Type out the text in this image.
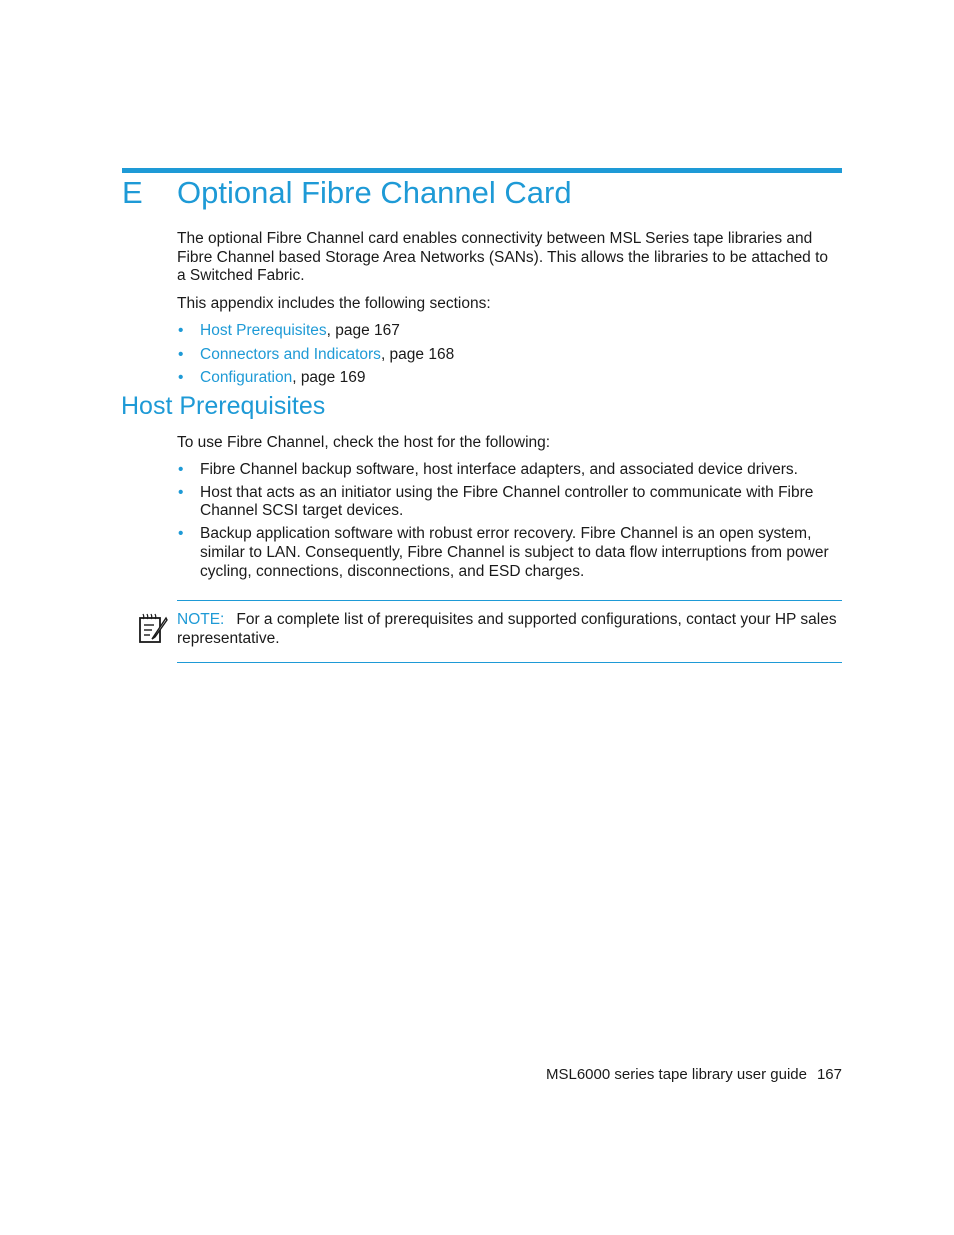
E Optional Fibre Channel Card
The optional Fibre Channel card enables connectivity between MSL Series tape libraries and Fibre Channel based Storage Area Networks (SANs). This allows the libraries to be attached to a Switched Fabric.
This appendix includes the following sections:
• Host Prerequisites, page 167
• Connectors and Indicators, page 168
• Configuration, page 169
Host Prerequisites
To use Fibre Channel, check the host for the following:
• Fibre Channel backup software, host interface adapters, and associated device drivers.
• Host that acts as an initiator using the Fibre Channel controller to communicate with Fibre Channel SCSI target devices.
• Backup application software with robust error recovery. Fibre Channel is an open system, similar to LAN. Consequently, Fibre Channel is subject to data flow interruptions from power cycling, connections, disconnections, and ESD charges.
NOTE: For a complete list of prerequisites and supported configurations, contact your HP sales representative.
MSL6000 series tape library user guide 167
